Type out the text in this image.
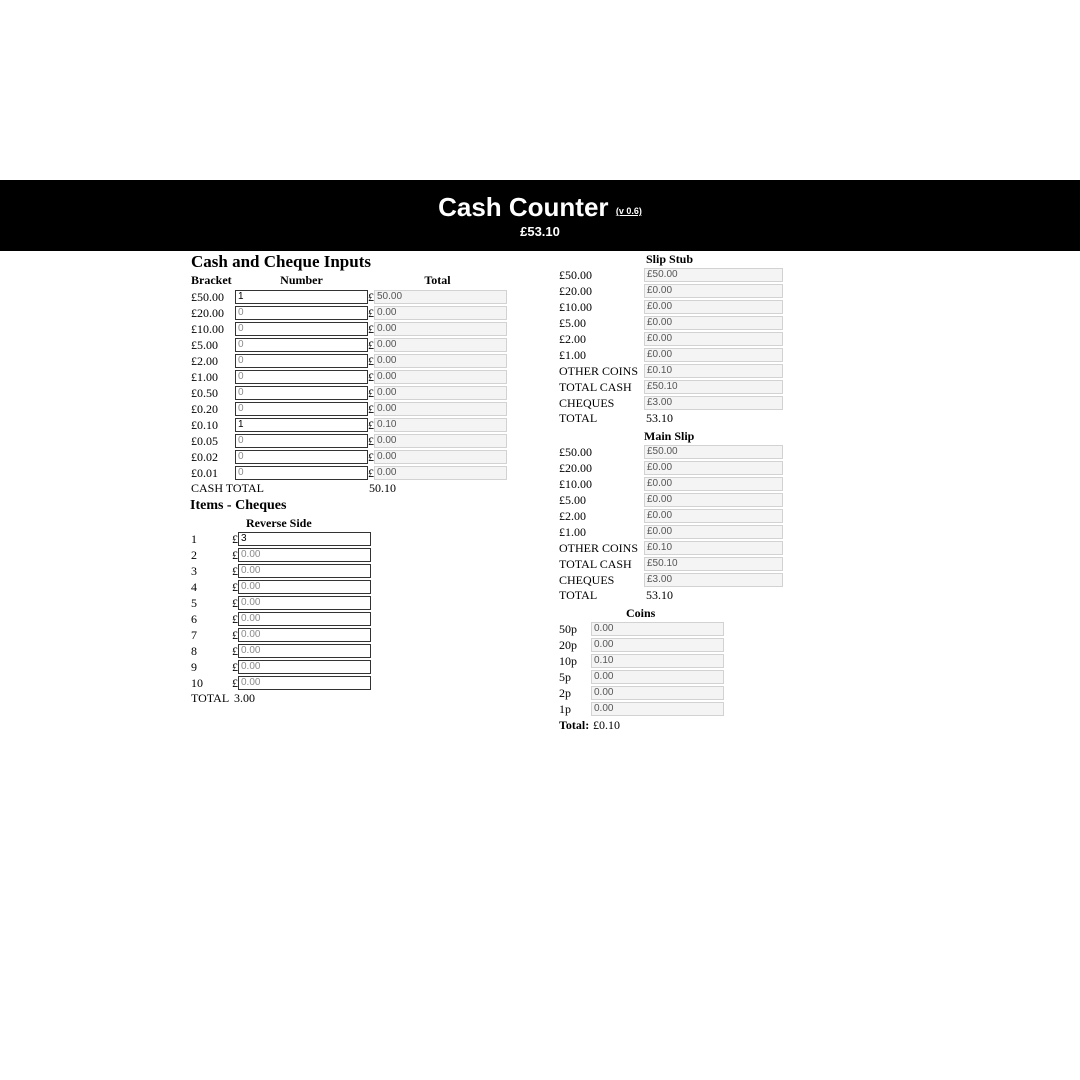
Cash Counter (v 0.6)
£53.10
Cash and Cheque Inputs
Bracket	Number	Total
£50.00	1	£ 50.00
£20.00	0	£ 0.00
£10.00	0	£ 0.00
£5.00	0	£ 0.00
£2.00	0	£ 0.00
£1.00	0	£ 0.00
£0.50	0	£ 0.00
£0.20	0	£ 0.00
£0.10	1	£ 0.10
£0.05	0	£ 0.00
£0.02	0	£ 0.00
£0.01	0	£ 0.00
CASH TOTAL	50.10
Items - Cheques
Reverse Side
1	£ 3
2	£ 0.00
3	£ 0.00
4	£ 0.00
5	£ 0.00
6	£ 0.00
7	£ 0.00
8	£ 0.00
9	£ 0.00
10 £ 0.00
TOTAL 3.00
Slip Stub
£50.00	£50.00
£20.00	£0.00
£10.00	£0.00
£5.00	£0.00
£2.00	£0.00
£1.00	£0.00
OTHER COINS £0.10
TOTAL CASH	£50.10
CHEQUES	£3.00
TOTAL	53.10
Main Slip
£50.00	£50.00
£20.00	£0.00
£10.00	£0.00
£5.00	£0.00
£2.00	£0.00
£1.00	£0.00
OTHER COINS £0.10
TOTAL CASH	£50.10
CHEQUES	£3.00
TOTAL	53.10
Coins
50p	0.00
20p	0.00
10p	0.10
5p	0.00
2p	0.00
1p	0.00
Total: £0.10
